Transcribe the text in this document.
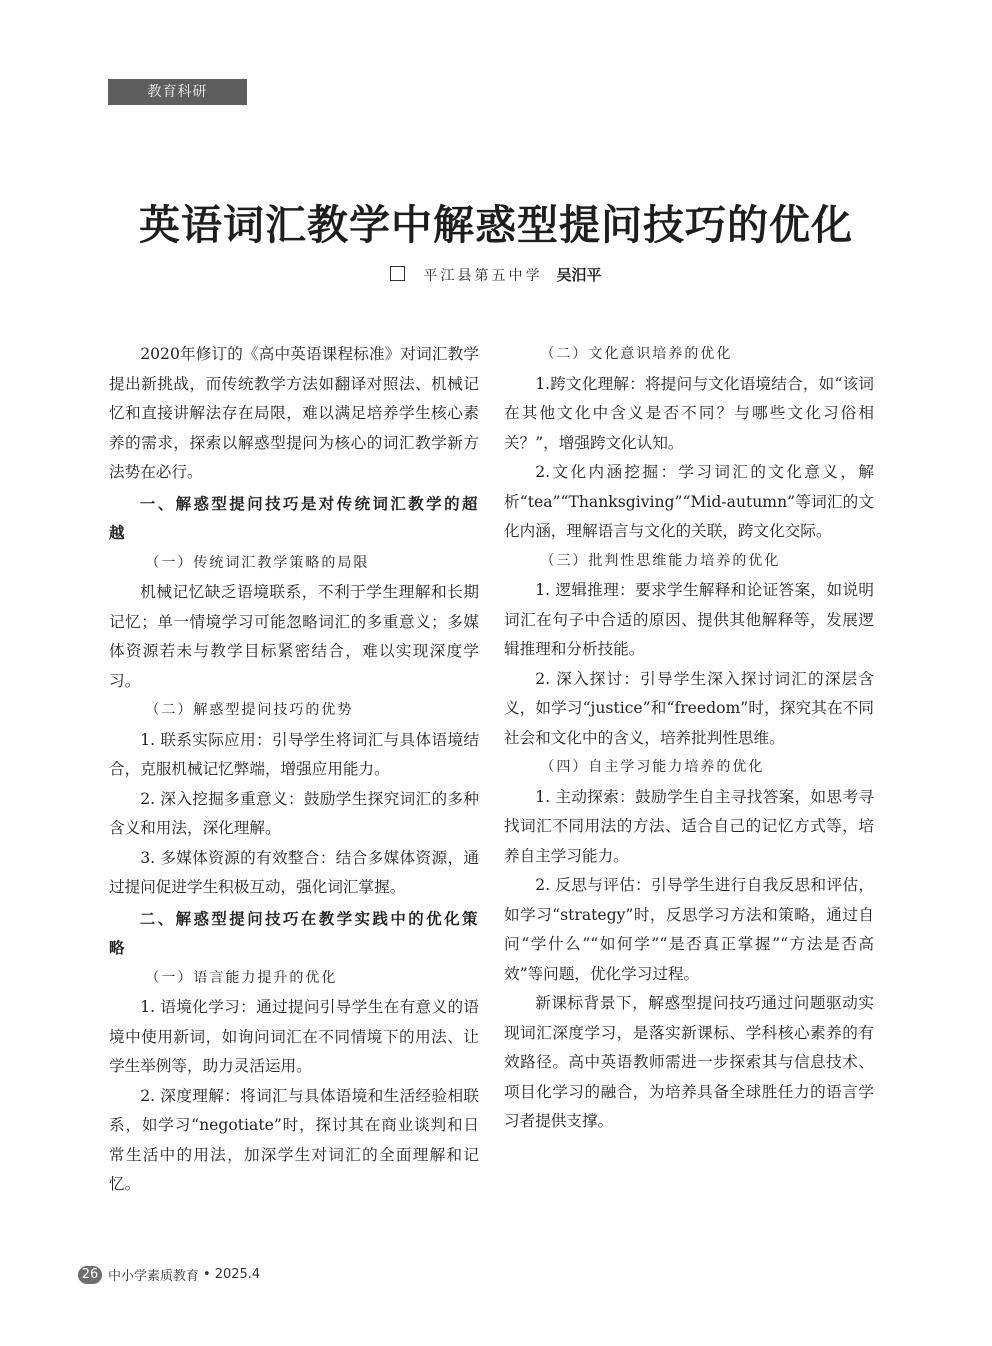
教育科研
英语词汇教学中解惑型提问技巧的优化
平江县第五中学 吴汨平

2020年修订的《高中英语课程标准》对词汇教学提出新挑战，而传统教学方法如翻译对照法、机械记忆和直接讲解法存在局限，难以满足培养学生核心素养的需求，探索以解惑型提问为核心的词汇教学新方法势在必行。

一、解惑型提问技巧是对传统词汇教学的超越

（一）传统词汇教学策略的局限

机械记忆缺乏语境联系，不利于学生理解和长期记忆；单一情境学习可能忽略词汇的多重意义；多媒体资源若未与教学目标紧密结合，难以实现深度学习。

（二）解惑型提问技巧的优势

1. 联系实际应用：引导学生将词汇与具体语境结合，克服机械记忆弊端，增强应用能力。

2. 深入挖掘多重意义：鼓励学生探究词汇的多种含义和用法，深化理解。

3. 多媒体资源的有效整合：结合多媒体资源，通过提问促进学生积极互动，强化词汇掌握。

二、解惑型提问技巧在教学实践中的优化策略

（一）语言能力提升的优化

1. 语境化学习：通过提问引导学生在有意义的语境中使用新词，如询问词汇在不同情境下的用法、让学生举例等，助力灵活运用。

2. 深度理解：将词汇与具体语境和生活经验相联系，如学习“negotiate”时，探讨其在商业谈判和日常生活中的用法，加深学生对词汇的全面理解和记忆。

（二）文化意识培养的优化

1.跨文化理解：将提问与文化语境结合，如“该词在其他文化中含义是否不同？与哪些文化习俗相关？”，增强跨文化认知。

2.文化内涵挖掘：学习词汇的文化意义，解析“tea”“Thanksgiving”“Mid-autumn”等词汇的文化内涵，理解语言与文化的关联，跨文化交际。

（三）批判性思维能力培养的优化

1. 逻辑推理：要求学生解释和论证答案，如说明词汇在句子中合适的原因、提供其他解释等，发展逻辑推理和分析技能。

2. 深入探讨：引导学生深入探讨词汇的深层含义，如学习“justice”和“freedom”时，探究其在不同社会和文化中的含义，培养批判性思维。

（四）自主学习能力培养的优化

1. 主动探索：鼓励学生自主寻找答案，如思考寻找词汇不同用法的方法、适合自己的记忆方式等，培养自主学习能力。

2. 反思与评估：引导学生进行自我反思和评估，如学习“strategy”时，反思学习方法和策略，通过自问“学什么”“如何学”“是否真正掌握”“方法是否高效”等问题，优化学习过程。

新课标背景下，解惑型提问技巧通过问题驱动实现词汇深度学习，是落实新课标、学科核心素养的有效路径。高中英语教师需进一步探索其与信息技术、项目化学习的融合，为培养具备全球胜任力的语言学习者提供支撑。

26 中小学素质教育 • 2025.4
